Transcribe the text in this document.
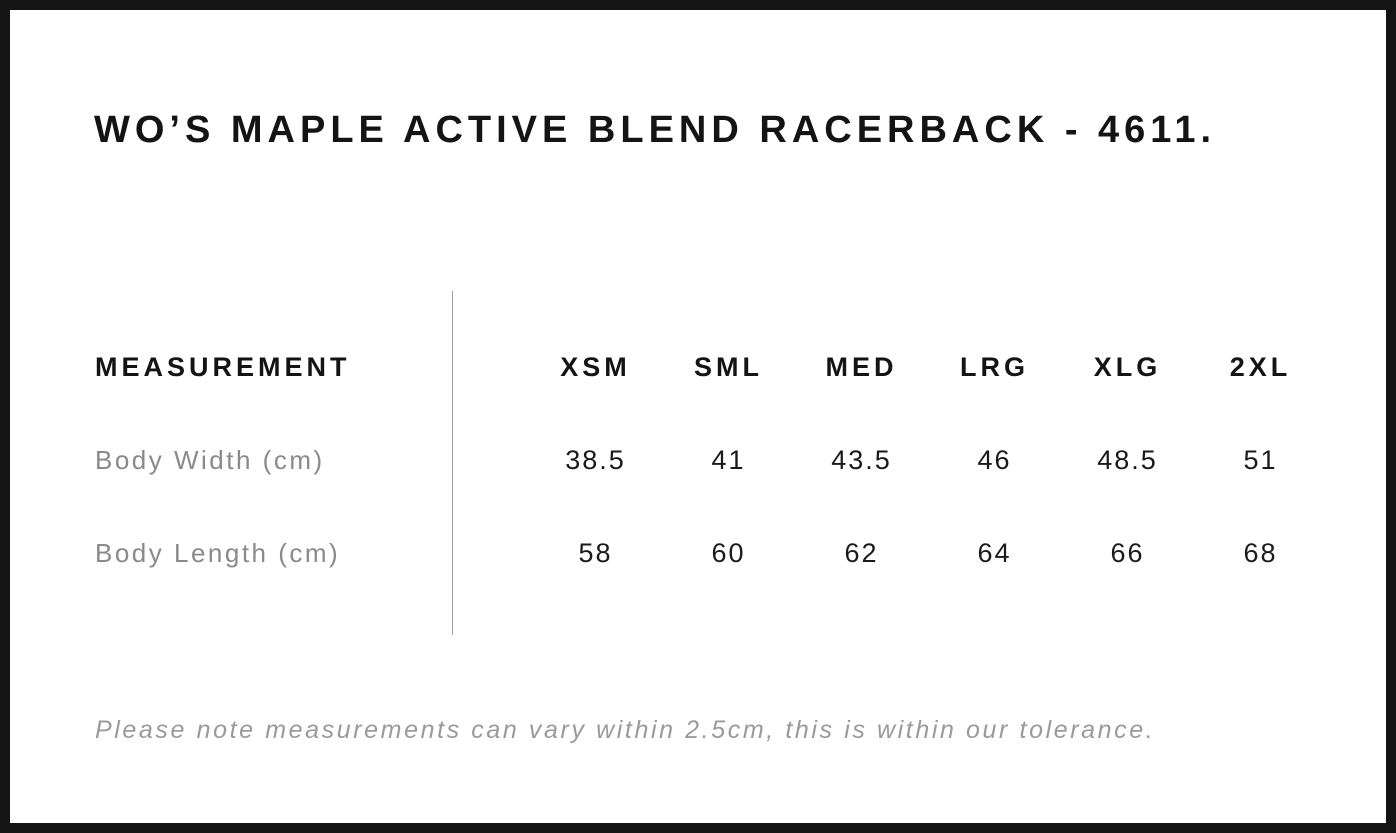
WO’S MAPLE ACTIVE BLEND RACERBACK - 4611.
MEASUREMENT	XSM	SML	MED	LRG	XLG	2XL
Body Width (cm)	38.5	41	43.5	46	48.5	51
Body Length (cm)	58	60	62	64	66	68

Please note measurements can vary within 2.5cm, this is within our tolerance.
